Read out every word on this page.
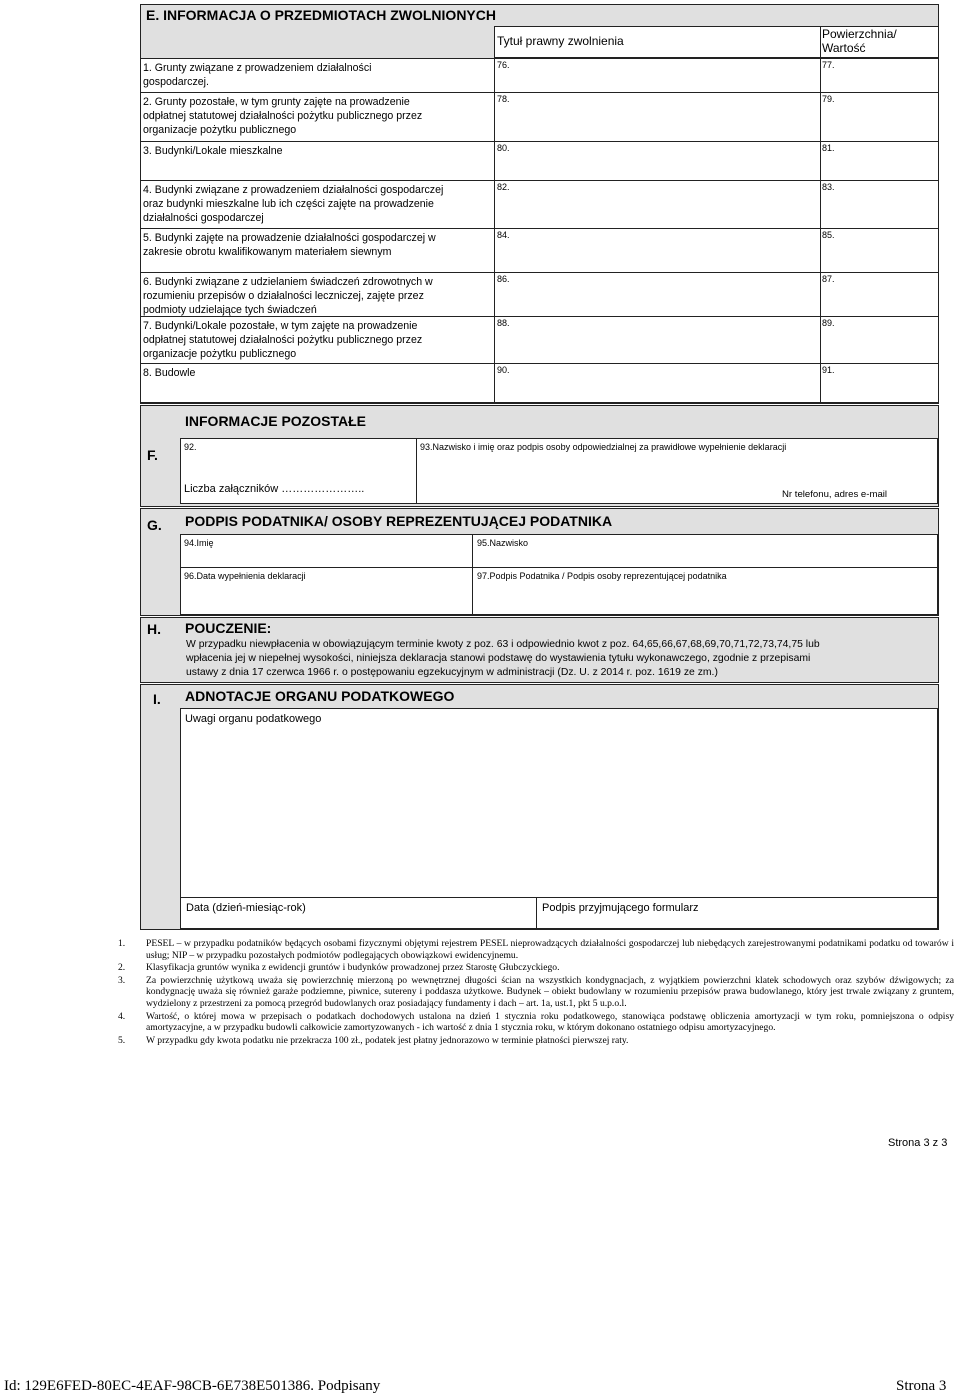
E. INFORMACJA O PRZEDMIOTACH ZWOLNIONYCH
Tytuł prawny zwolnienia	Powierzchnia/
Wartość
1. Grunty związane z prowadzeniem działalności
gospodarczej.
76.	77.
2. Grunty pozostałe, w tym grunty zajęte na prowadzenie
odpłatnej statutowej działalności pożytku publicznego przez
organizacje pożytku publicznego
78.	79.
3. Budynki/Lokale mieszkalne	80.	81.
4. Budynki związane z prowadzeniem działalności gospodarczej
oraz budynki mieszkalne lub ich części zajęte na prowadzenie
działalności gospodarczej
82.	83.
5. Budynki zajęte na prowadzenie działalności gospodarczej w
zakresie obrotu kwalifikowanym materiałem siewnym
84.	85.
6. Budynki związane z udzielaniem świadczeń zdrowotnych w
rozumieniu przepisów o działalności leczniczej, zajęte przez
podmioty udzielające tych świadczeń
86.	87.
7. Budynki/Lokale pozostałe, w tym zajęte na prowadzenie
odpłatnej statutowej działalności pożytku publicznego przez
organizacje pożytku publicznego
88.	89.
8. Budowle	90.	91.
F.
INFORMACJE POZOSTAŁE
92.
Liczba załączników …………………..
93.Nazwisko i imię oraz podpis osoby odpowiedzialnej za prawidłowe wypełnienie deklaracji
Nr telefonu, adres e-mail
G. PODPIS PODATNIKA/ OSOBY REPREZENTUJĄCEJ PODATNIKA
94.Imię	95.Nazwisko
96.Data wypełnienia deklaracji	97.Podpis Podatnika / Podpis osoby reprezentującej podatnika
H. POUCZENIE:
W przypadku niewpłacenia w obowiązującym terminie kwoty z poz. 63 i odpowiednio kwot z poz. 64,65,66,67,68,69,70,71,72,73,74,75 lub
wpłacenia jej w niepełnej wysokości, niniejsza deklaracja stanowi podstawę do wystawienia tytułu wykonawczego, zgodnie z przepisami
ustawy z dnia 17 czerwca 1966 r. o postępowaniu egzekucyjnym w administracji (Dz. U. z 2014 r. poz. 1619 ze zm.)
I. ADNOTACJE ORGANU PODATKOWEGO
Uwagi organu podatkowego
Data (dzień-miesiąc-rok)	Podpis przyjmującego formularz
1.	PESEL – w przypadku podatników będących osobami fizycznymi objętymi rejestrem PESEL nieprowadzących działalności gospodarczej lub niebędących zarejestrowanymi podatnikami podatku od towarów i usług; NIP – w przypadku pozostałych podmiotów podlegających obowiązkowi ewidencyjnemu.
2.	Klasyfikacja gruntów wynika z ewidencji gruntów i budynków prowadzonej przez Starostę Głubczyckiego.
3.	Za powierzchnię użytkową uważa się powierzchnię mierzoną po wewnętrznej długości ścian na wszystkich kondygnacjach, z wyjątkiem powierzchni klatek schodowych oraz szybów dźwigowych; za kondygnację uważa się również garaże podziemne, piwnice, sutereny i poddasza użytkowe. Budynek – obiekt budowlany w rozumieniu przepisów prawa budowlanego, który jest trwale związany z gruntem, wydzielony z przestrzeni za pomocą przegród budowlanych oraz posiadający fundamenty i dach – art. 1a, ust.1, pkt 5 u.p.o.l.
4.	Wartość, o której mowa w przepisach o podatkach dochodowych ustalona na dzień 1 stycznia roku podatkowego, stanowiąca podstawę obliczenia amortyzacji w tym roku, pomniejszona o odpisy amortyzacyjne, a w przypadku budowli całkowicie zamortyzowanych - ich wartość z dnia 1 stycznia roku, w którym dokonano ostatniego odpisu amortyzacyjnego.
5.	W przypadku gdy kwota podatku nie przekracza 100 zł., podatek jest płatny jednorazowo w terminie płatności pierwszej raty.
Strona 3 z 3
Id: 129E6FED-80EC-4EAF-98CB-6E738E501386. Podpisany	Strona 3
